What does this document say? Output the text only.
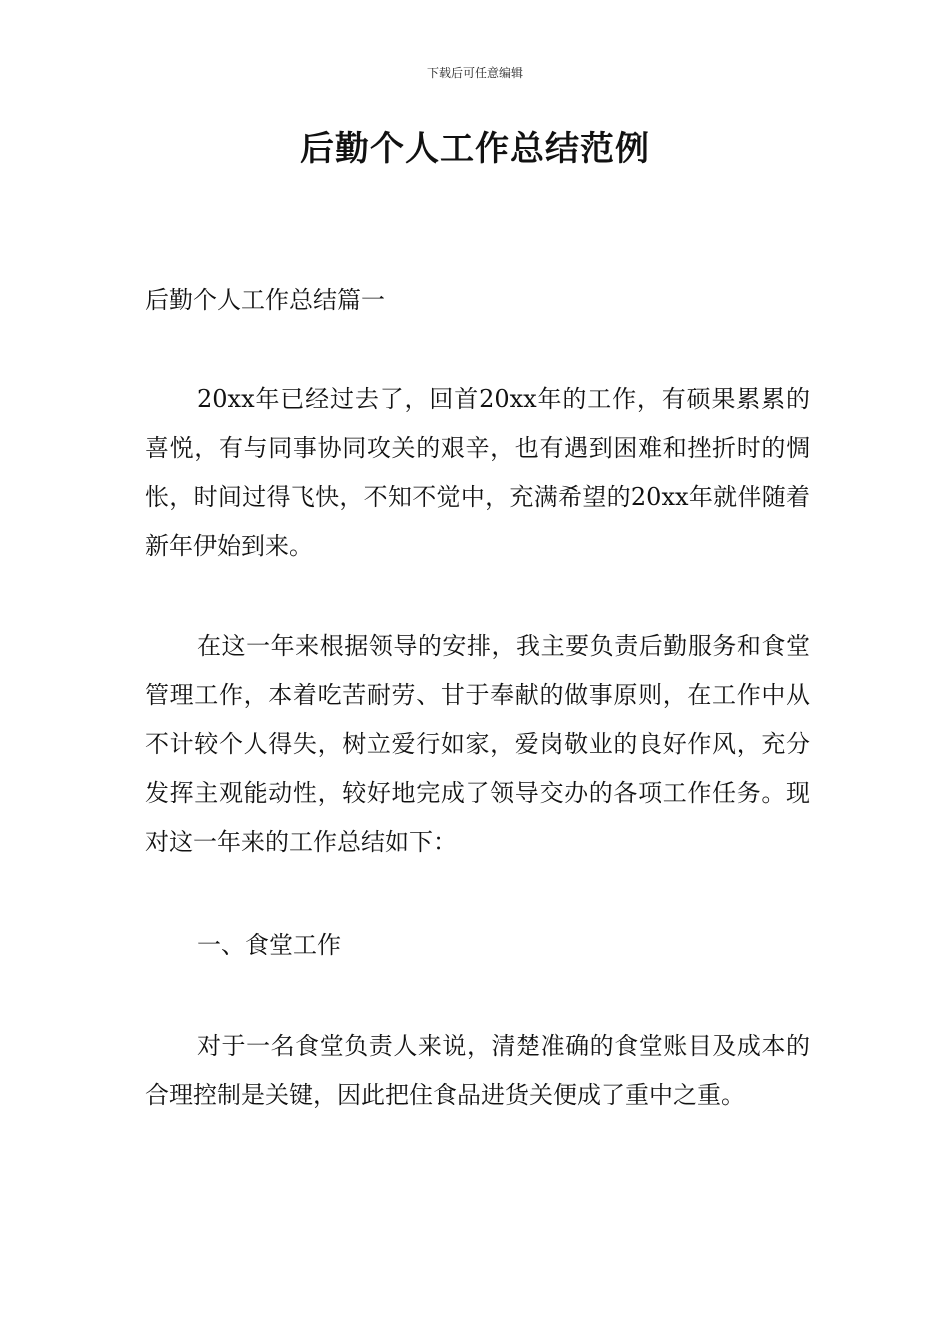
下载后可任意编辑
后勤个人工作总结范例

后勤个人工作总结篇一

20xx年已经过去了，回首20xx年的工作，有硕果累累的喜悦，有与同事协同攻关的艰辛，也有遇到困难和挫折时的惆怅，时间过得飞快，不知不觉中，充满希望的20xx年就伴随着新年伊始到来。

在这一年来根据领导的安排，我主要负责后勤服务和食堂管理工作，本着吃苦耐劳、甘于奉献的做事原则，在工作中从不计较个人得失，树立爱行如家，爱岗敬业的良好作风，充分发挥主观能动性，较好地完成了领导交办的各项工作任务。现对这一年来的工作总结如下：

一、食堂工作

对于一名食堂负责人来说，清楚准确的食堂账目及成本的合理控制是关键，因此把住食品进货关便成了重中之重。
